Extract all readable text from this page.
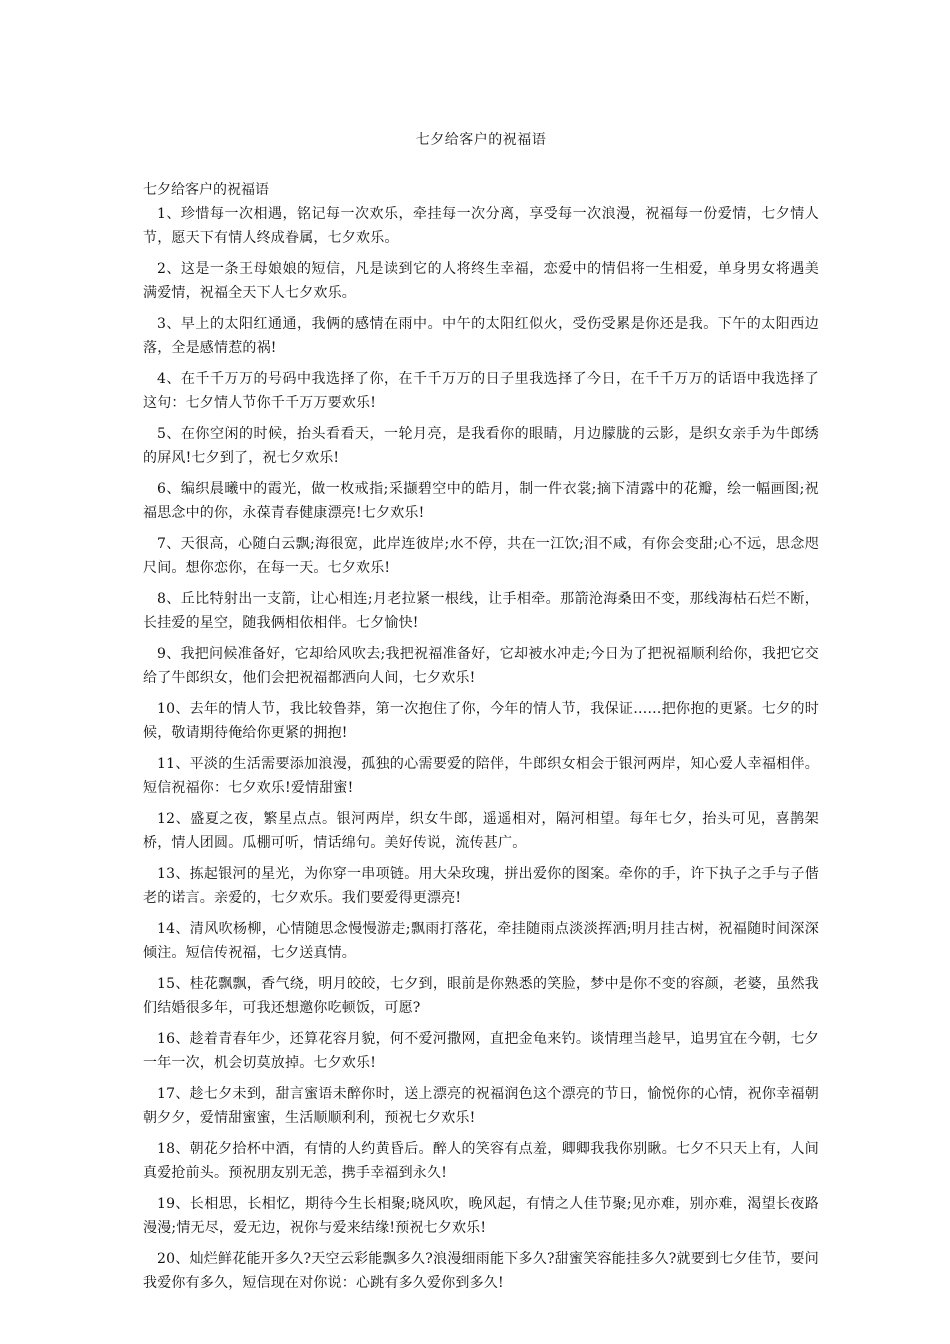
七夕给客户的祝福语
七夕给客户的祝福语

1、珍惜每一次相遇，铭记每一次欢乐，牵挂每一次分离，享受每一次浪漫，祝福每一份爱情，七夕情人节，愿天下有情人终成眷属，七夕欢乐。

2、这是一条王母娘娘的短信，凡是读到它的人将终生幸福，恋爱中的情侣将一生相爱，单身男女将遇美满爱情，祝福全天下人七夕欢乐。

3、早上的太阳红通通，我俩的感情在雨中。中午的太阳红似火，受伤受累是你还是我。下午的太阳西边落，全是感情惹的祸!

4、在千千万万的号码中我选择了你，在千千万万的日子里我选择了今日，在千千万万的话语中我选择了这句：七夕情人节你千千万万要欢乐!

5、在你空闲的时候，抬头看看天，一轮月亮，是我看你的眼睛，月边朦胧的云影，是织女亲手为牛郎绣的屏风!七夕到了，祝七夕欢乐!

6、编织晨曦中的霞光，做一枚戒指;采撷碧空中的皓月，制一件衣裳;摘下清露中的花瓣，绘一幅画图;祝福思念中的你，永葆青春健康漂亮!七夕欢乐!

7、天很高，心随白云飘;海很宽，此岸连彼岸;水不停，共在一江饮;泪不咸，有你会变甜;心不远，思念咫尺间。想你恋你，在每一天。七夕欢乐!

8、丘比特射出一支箭，让心相连;月老拉紧一根线，让手相牵。那箭沧海桑田不变，那线海枯石烂不断，长挂爱的星空，随我俩相依相伴。七夕愉快!

9、我把问候准备好，它却给风吹去;我把祝福准备好，它却被水冲走;今日为了把祝福顺利给你，我把它交给了牛郎织女，他们会把祝福都洒向人间，七夕欢乐!

10、去年的情人节，我比较鲁莽，第一次抱住了你，今年的情人节，我保证……把你抱的更紧。七夕的时候，敬请期待俺给你更紧的拥抱!

11、平淡的生活需要添加浪漫，孤独的心需要爱的陪伴，牛郎织女相会于银河两岸，知心爱人幸福相伴。短信祝福你：七夕欢乐!爱情甜蜜!

12、盛夏之夜，繁星点点。银河两岸，织女牛郎，遥遥相对，隔河相望。每年七夕，抬头可见，喜鹊架桥，情人团圆。瓜棚可听，情话绵句。美好传说，流传甚广。

13、拣起银河的星光，为你穿一串项链。用大朵玫瑰，拼出爱你的图案。牵你的手，许下执子之手与子偕老的诺言。亲爱的，七夕欢乐。我们要爱得更漂亮!

14、清风吹杨柳，心情随思念慢慢游走;飘雨打落花，牵挂随雨点淡淡挥洒;明月挂古树，祝福随时间深深倾注。短信传祝福，七夕送真情。

15、桂花飘飘，香气绕，明月皎皎，七夕到，眼前是你熟悉的笑脸，梦中是你不变的容颜，老婆，虽然我们结婚很多年，可我还想邀你吃顿饭，可愿?

16、趁着青春年少，还算花容月貌，何不爱河撒网，直把金龟来钓。谈情理当趁早，追男宜在今朝，七夕一年一次，机会切莫放掉。七夕欢乐!

17、趁七夕未到，甜言蜜语未醉你时，送上漂亮的祝福润色这个漂亮的节日，愉悦你的心情，祝你幸福朝朝夕夕，爱情甜蜜蜜，生活顺顺利利，预祝七夕欢乐!

18、朝花夕拾杯中酒，有情的人约黄昏后。醉人的笑容有点羞，卿卿我我你别瞅。七夕不只天上有，人间真爱抢前头。预祝朋友别无恙，携手幸福到永久!

19、长相思，长相忆，期待今生长相聚;晓风吹，晚风起，有情之人佳节聚;见亦难，别亦难，渴望长夜路漫漫;情无尽，爱无边，祝你与爱来结缘!预祝七夕欢乐!

20、灿烂鲜花能开多久?天空云彩能飘多久?浪漫细雨能下多久?甜蜜笑容能挂多久?就要到七夕佳节，要问我爱你有多久，短信现在对你说：心跳有多久爱你到多久!
